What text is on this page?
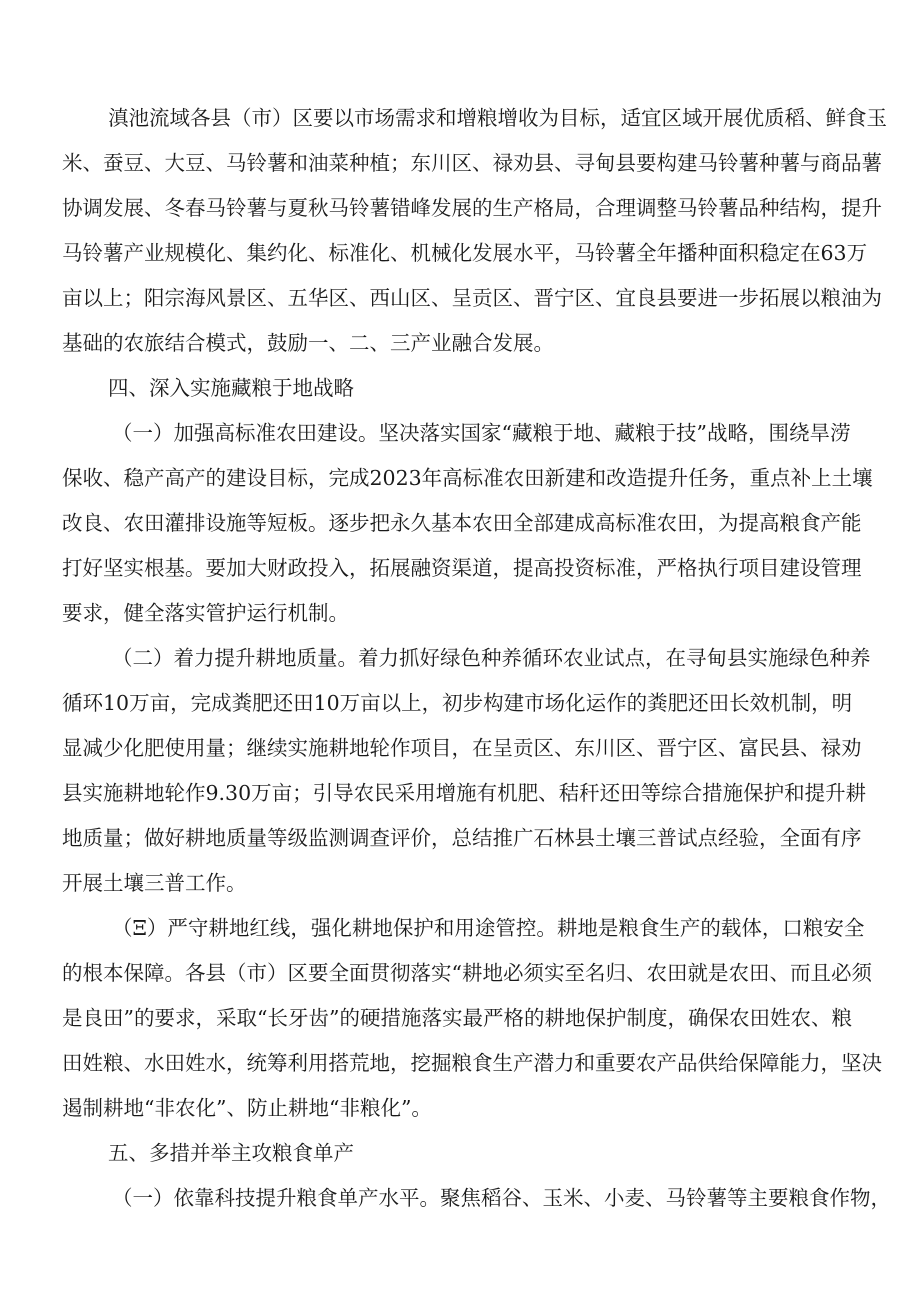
滇池流域各县（市）区要以市场需求和增粮增收为目标，适宜区域开展优质稻、鲜食玉
米、蚕豆、大豆、马铃薯和油菜种植；东川区、禄劝县、寻甸县要构建马铃薯种薯与商品薯
协调发展、冬春马铃薯与夏秋马铃薯错峰发展的生产格局，合理调整马铃薯品种结构，提升
马铃薯产业规模化、集约化、标准化、机械化发展水平，马铃薯全年播种面积稳定在63万
亩以上；阳宗海风景区、五华区、西山区、呈贡区、晋宁区、宜良县要进一步拓展以粮油为
基础的农旅结合模式，鼓励一、二、三产业融合发展。
四、深入实施藏粮于地战略
（一）加强高标准农田建设。坚决落实国家“藏粮于地、藏粮于技”战略，围绕旱涝
保收、稳产高产的建设目标，完成2023年高标准农田新建和改造提升任务，重点补上土壤
改良、农田灌排设施等短板。逐步把永久基本农田全部建成高标准农田，为提高粮食产能
打好坚实根基。要加大财政投入，拓展融资渠道，提高投资标准，严格执行项目建设管理
要求，健全落实管护运行机制。
（二）着力提升耕地质量。着力抓好绿色种养循环农业试点，在寻甸县实施绿色种养
循环10万亩，完成粪肥还田10万亩以上，初步构建市场化运作的粪肥还田长效机制，明
显减少化肥使用量；继续实施耕地轮作项目，在呈贡区、东川区、晋宁区、富民县、禄劝
县实施耕地轮作9.30万亩；引导农民采用增施有机肥、秸秆还田等综合措施保护和提升耕
地质量；做好耕地质量等级监测调查评价，总结推广石林县土壤三普试点经验，全面有序
开展土壤三普工作。
（Ξ）严守耕地红线，强化耕地保护和用途管控。耕地是粮食生产的载体，口粮安全
的根本保障。各县（市）区要全面贯彻落实“耕地必须实至名归、农田就是农田、而且必须
是良田”的要求，采取“长牙齿”的硬措施落实最严格的耕地保护制度，确保农田姓农、粮
田姓粮、水田姓水，统筹利用搭荒地，挖掘粮食生产潜力和重要农产品供给保障能力，坚决
遏制耕地“非农化”、防止耕地“非粮化”。
五、多措并举主攻粮食单产
（一）依靠科技提升粮食单产水平。聚焦稻谷、玉米、小麦、马铃薯等主要粮食作物，
